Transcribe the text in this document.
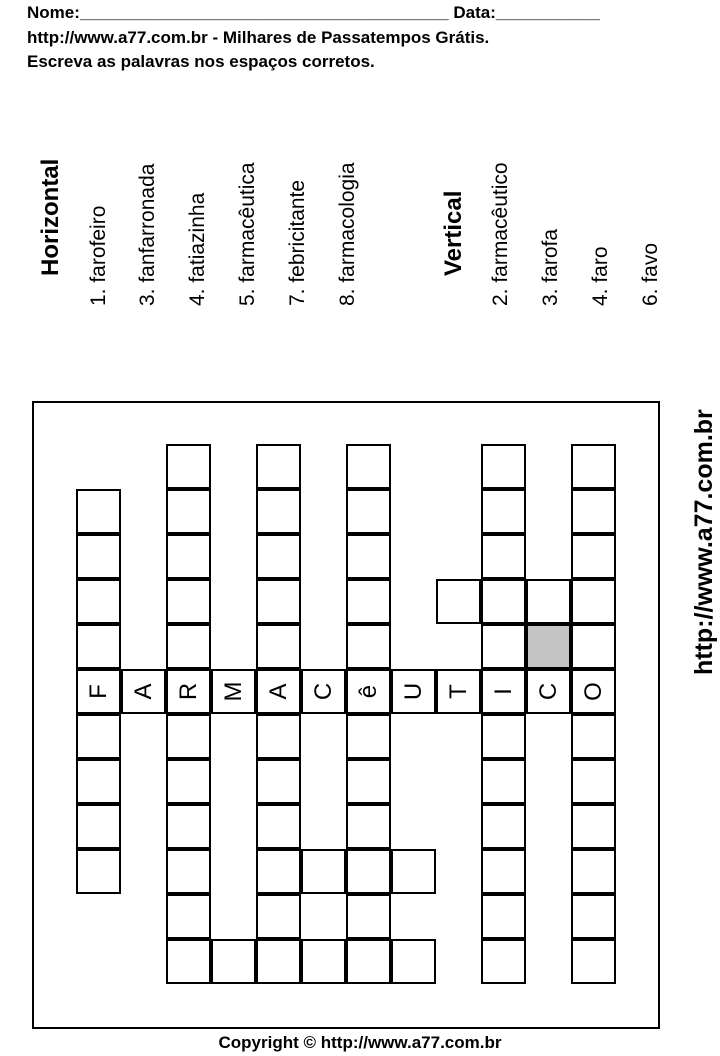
Nome:_______________________________________ Data:___________
http://www.a77.com.br - Milhares de Passatempos Grátis.
Escreva as palavras nos espaços corretos.
Horizontal 1. farofeiro 3. fanfarronada 4. fatiazinha 5. farmacêutica 7. febricitante 8. farmacologia	Vertical 2. farmacêutico 3. farofa 4. faro 6. favo
http://www.a77.com.br
F A R M A C ê U T I C O
Copyright © http://www.a77.com.br
